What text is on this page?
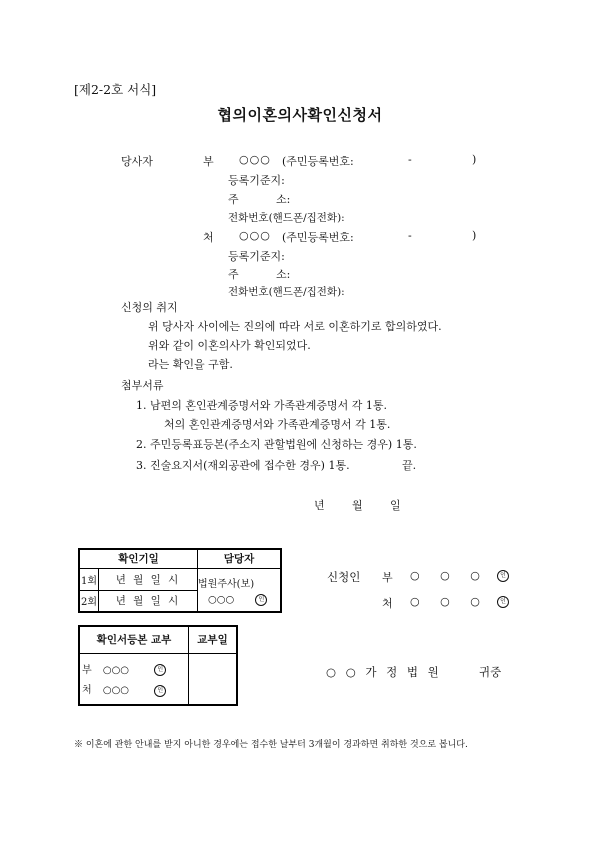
[제2-2호 서식]
협의이혼의사확인신청서
당사자	부 ○○○ (주민등록번호:	-	)
등록기준지:
주	소:
전화번호(핸드폰/집전화):
처 ○○○ (주민등록번호:	-	)
등록기준지:
주	소:
전화번호(핸드폰/집전화):
신청의 취지
위 당사자 사이에는 진의에 따라 서로 이혼하기로 합의하였다.
위와 같이 이혼의사가 확인되었다.
라는 확인을 구함.
첨부서류
1. 남편의 혼인관계증명서와 가족관계증명서 각 1통.
처의 혼인관계증명서와 가족관계증명서 각 1통.
2. 주민등록표등본(주소지 관할법원에 신청하는 경우) 1통.
3. 진술요지서(재외공관에 접수한 경우) 1통.	끝.
년 월 일
확인기일		담당자
1회	년 월 일 시	법원주사(보)
○○○ 인

2회	년 월 일 시	
신청인 부 ○ ○ ○	인
처 ○ ○ ○	인
확인서등본 교부	교부일

부 ○○○ 인
처 ○○○ 인	

○ ○ 가 정 법 원	귀중
※ 이혼에 관한 안내를 받지 아니한 경우에는 접수한 날부터 3개월이 경과하면 취하한 것으로 봅니다.
